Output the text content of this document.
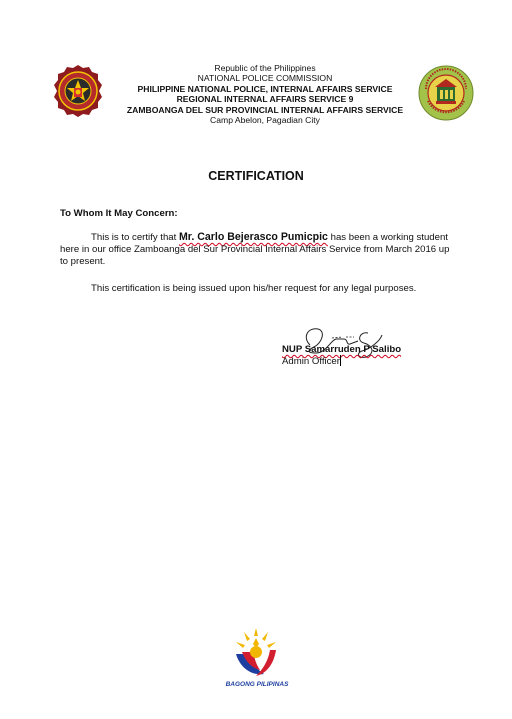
Republic of the Philippines
NATIONAL POLICE COMMISSION
PHILIPPINE NATIONAL POLICE, INTERNAL AFFAIRS SERVICE
REGIONAL INTERNAL AFFAIRS SERVICE 9
ZAMBOANGA DEL SUR PROVINCIAL INTERNAL AFFAIRS SERVICE
Camp Abelon, Pagadian City
CERTIFICATION
To Whom It May Concern:
This is to certify that Mr. Carlo Bejerasco Pumicpic has been a working student here in our office Zamboanga del Sur Provincial Internal Affairs Service from March 2016 up to present.
This certification is being issued upon his/her request for any legal purposes.
NUP Samarruden P Salibo
Admin Officer
BAGONG PILIPINAS
